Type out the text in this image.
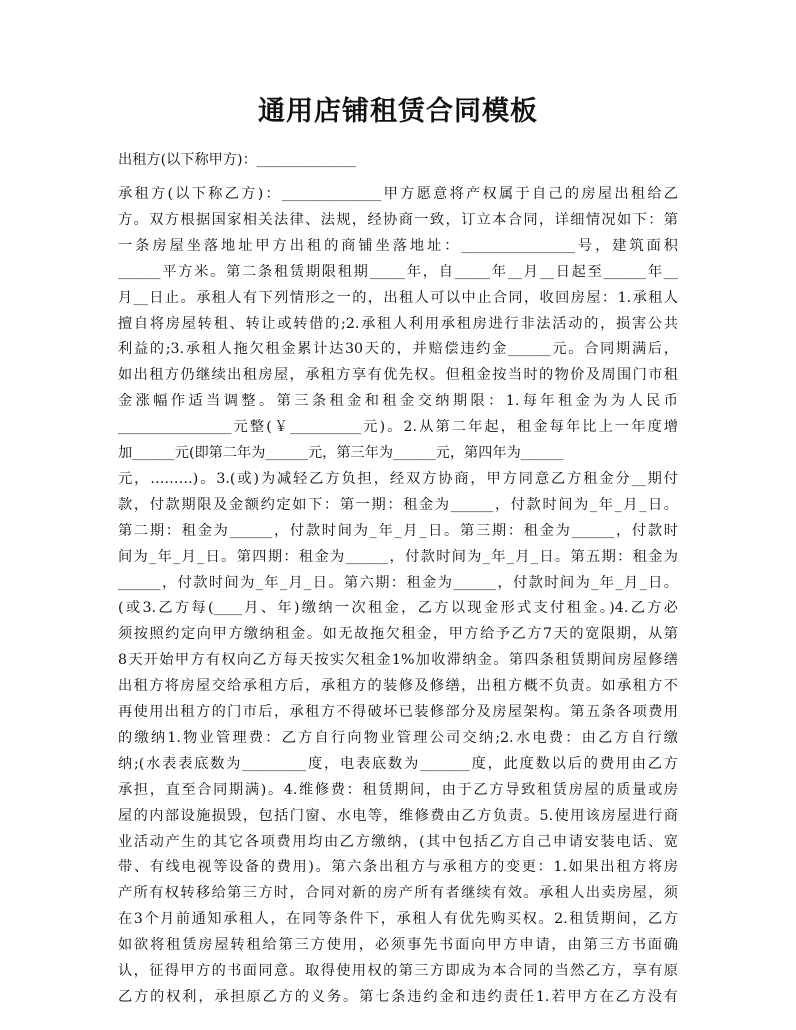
通用店铺租赁合同模板
出租方(以下称甲方)：______________
承租方(以下称乙方)：______________甲方愿意将产权属于自己的房屋出租给乙
方。双方根据国家相关法律、法规，经协商一致，订立本合同，详细情况如下：第
一条房屋坐落地址甲方出租的商铺坐落地址：________________号，建筑面积
______平方米。第二条租赁期限租期_____年，自_____年__月__日起至______年__
月__日止。承租人有下列情形之一的，出租人可以中止合同，收回房屋：1.承租人
擅自将房屋转租、转让或转借的;2.承租人利用承租房进行非法活动的，损害公共
利益的;3.承租人拖欠租金累计达30天的，并赔偿违约金______元。合同期满后，
如出租方仍继续出租房屋，承租方享有优先权。但租金按当时的物价及周围门市租
金涨幅作适当调整。第三条租金和租金交纳期限：1.每年租金为为人民币
________________元整(￥__________元)。2.从第二年起，租金每年比上一年度增
加______元(即第二年为______元，第三年为______元，第四年为______
元，………)。3.(或)为减轻乙方负担，经双方协商，甲方同意乙方租金分__期付
款，付款期限及金额约定如下：第一期：租金为______，付款时间为_年_月_日。
第二期：租金为______，付款时间为_年_月_日。第三期：租金为______，付款时
间为_年_月_日。第四期：租金为______，付款时间为_年_月_日。第五期：租金为
______，付款时间为_年_月_日。第六期：租金为______，付款时间为_年_月_日。
(或3.乙方每(____月、年)缴纳一次租金，乙方以现金形式支付租金。)4.乙方必
须按照约定向甲方缴纳租金。如无故拖欠租金，甲方给予乙方7天的宽限期，从第
8天开始甲方有权向乙方每天按实欠租金1%加收滞纳金。第四条租赁期间房屋修缮
出租方将房屋交给承租方后，承租方的装修及修缮，出租方概不负责。如承租方不
再使用出租方的门市后，承租方不得破坏已装修部分及房屋架构。第五条各项费用
的缴纳1.物业管理费：乙方自行向物业管理公司交纳;2.水电费：由乙方自行缴
纳;(水表表底数为_________度，电表底数为_______度，此度数以后的费用由乙方
承担，直至合同期满)。4.维修费：租赁期间，由于乙方导致租赁房屋的质量或房
屋的内部设施损毁，包括门窗、水电等，维修费由乙方负责。5.使用该房屋进行商
业活动产生的其它各项费用均由乙方缴纳，(其中包括乙方自己申请安装电话、宽
带、有线电视等设备的费用)。第六条出租方与承租方的变更：1.如果出租方将房
产所有权转移给第三方时，合同对新的房产所有者继续有效。承租人出卖房屋，须
在3个月前通知承租人，在同等条件下，承租人有优先购买权。2.租赁期间，乙方
如欲将租赁房屋转租给第三方使用，必须事先书面向甲方申请，由第三方书面确
认，征得甲方的书面同意。取得使用权的第三方即成为本合同的当然乙方，享有原
乙方的权利，承担原乙方的义务。第七条违约金和违约责任1.若甲方在乙方没有
